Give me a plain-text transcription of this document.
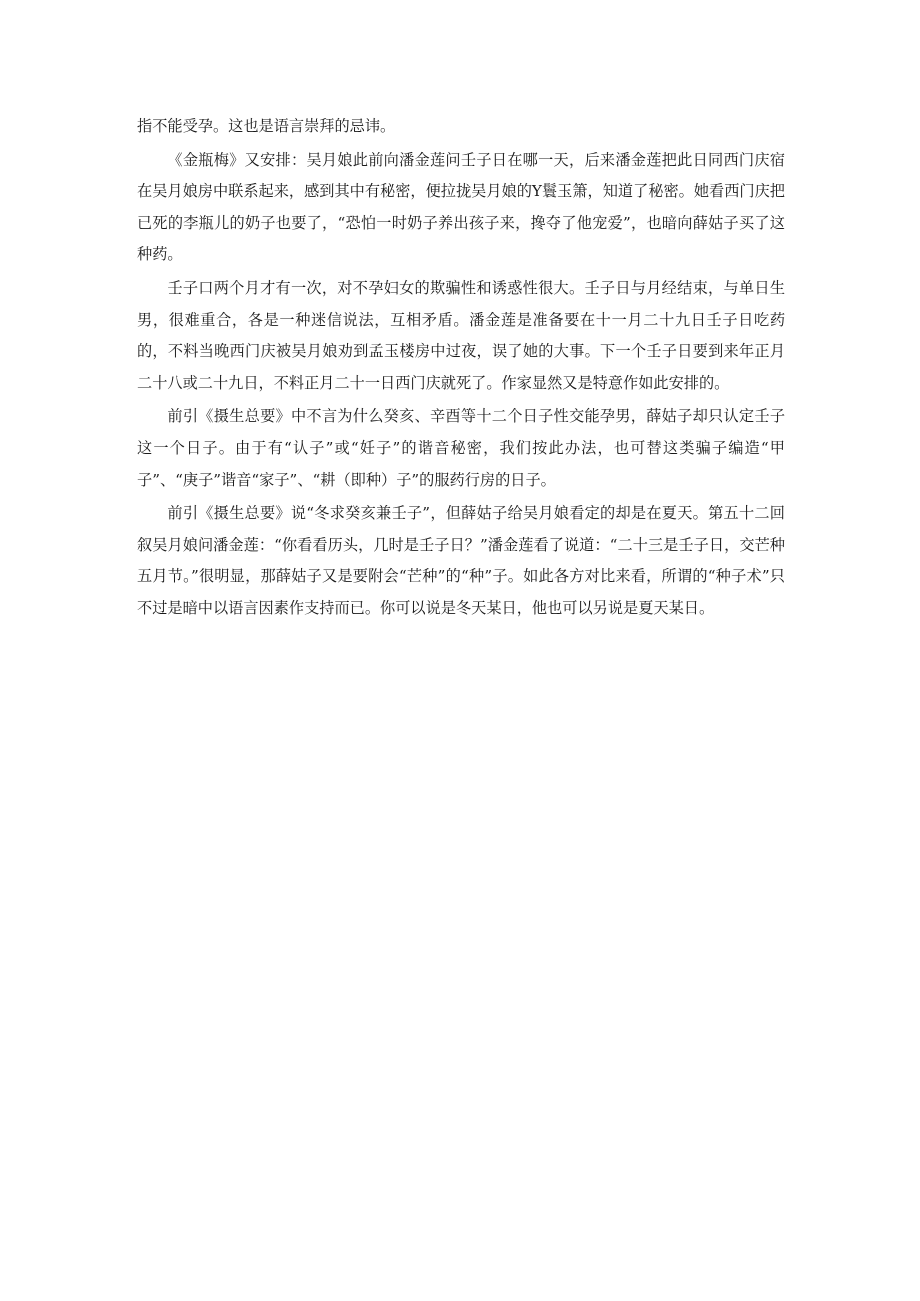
指不能受孕。这也是语言崇拜的忌讳。

《金瓶梅》又安排：吴月娘此前向潘金莲问壬子日在哪一天，后来潘金莲把此日同西门庆宿在吴月娘房中联系起来，感到其中有秘密，便拉拢吴月娘的Y鬟玉箫，知道了秘密。她看西门庆把已死的李瓶儿的奶子也要了，“恐怕一时奶子养出孩子来，搀夺了他宠爱”，也暗向薛姑子买了这种药。

壬子口两个月才有一次，对不孕妇女的欺骗性和诱惑性很大。壬子日与月经结束，与单日生男，很难重合，各是一种迷信说法，互相矛盾。潘金莲是准备要在十一月二十九日壬子日吃药的，不料当晚西门庆被吴月娘劝到孟玉楼房中过夜，误了她的大事。下一个壬子日要到来年正月二十八或二十九日，不料正月二十一日西门庆就死了。作家显然又是特意作如此安排的。

前引《摄生总要》中不言为什么癸亥、辛酉等十二个日子性交能孕男，薛姑子却只认定壬子这一个日子。由于有“认子”或“妊子”的谐音秘密，我们按此办法，也可替这类骗子编造“甲子”、“庚子”谐音“家子”、“耕（即种）子”的服药行房的日子。

前引《摄生总要》说“冬求癸亥兼壬子”，但薛姑子给吴月娘看定的却是在夏天。第五十二回叙吴月娘问潘金莲：“你看看历头，几时是壬子日？”潘金莲看了说道：“二十三是壬子日，交芒种五月节。”很明显，那薛姑子又是要附会“芒种”的“种”子。如此各方对比来看，所谓的“种子术”只不过是暗中以语言因素作支持而已。你可以说是冬天某日，他也可以另说是夏天某日。
